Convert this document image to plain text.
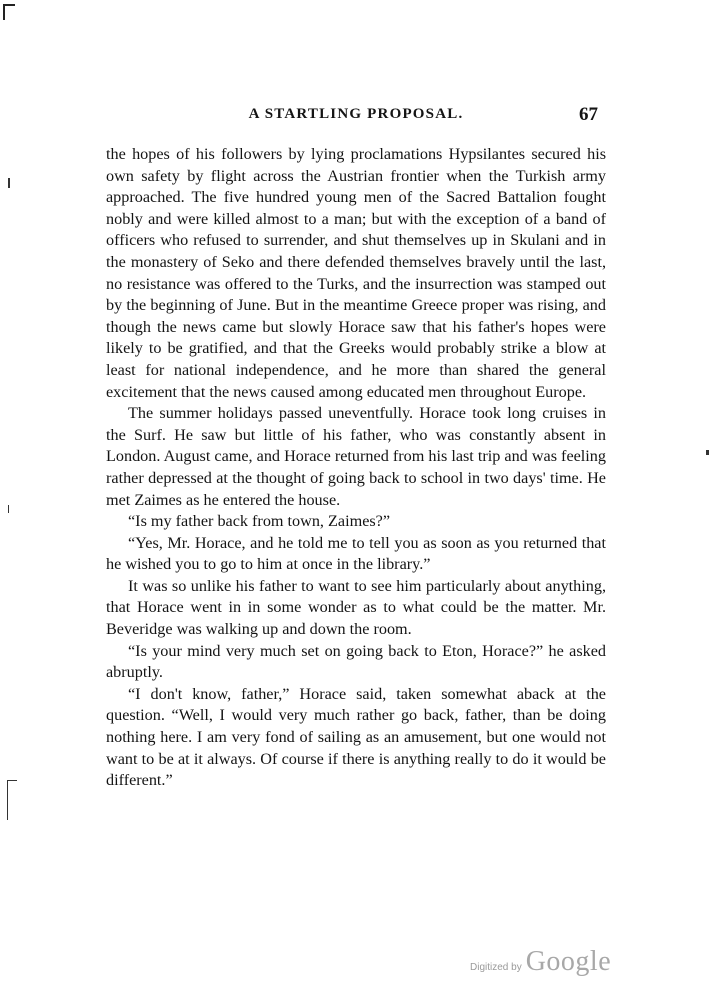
A STARTLING PROPOSAL.	67

the hopes of his followers by lying proclamations Hypsilantes secured his own safety by flight across the Austrian frontier when the Turkish army approached. The five hundred young men of the Sacred Battalion fought nobly and were killed almost to a man; but with the exception of a band of officers who refused to surrender, and shut themselves up in Skulani and in the monastery of Seko and there defended themselves bravely until the last, no resistance was offered to the Turks, and the insurrection was stamped out by the beginning of June. But in the meantime Greece proper was rising, and though the news came but slowly Horace saw that his father's hopes were likely to be gratified, and that the Greeks would probably strike a blow at least for national independence, and he more than shared the general excitement that the news caused among educated men throughout Europe.

The summer holidays passed uneventfully. Horace took long cruises in the Surf. He saw but little of his father, who was constantly absent in London. August came, and Horace returned from his last trip and was feeling rather depressed at the thought of going back to school in two days' time. He met Zaimes as he entered the house.

“Is my father back from town, Zaimes?”

“Yes, Mr. Horace, and he told me to tell you as soon as you returned that he wished you to go to him at once in the library.”

It was so unlike his father to want to see him particularly about anything, that Horace went in in some wonder as to what could be the matter. Mr. Beveridge was walking up and down the room.

“Is your mind very much set on going back to Eton, Horace?” he asked abruptly.

“I don't know, father,” Horace said, taken somewhat aback at the question. “Well, I would very much rather go back, father, than be doing nothing here. I am very fond of sailing as an amusement, but one would not want to be at it always. Of course if there is anything really to do it would be different.”

Digitized by Google
